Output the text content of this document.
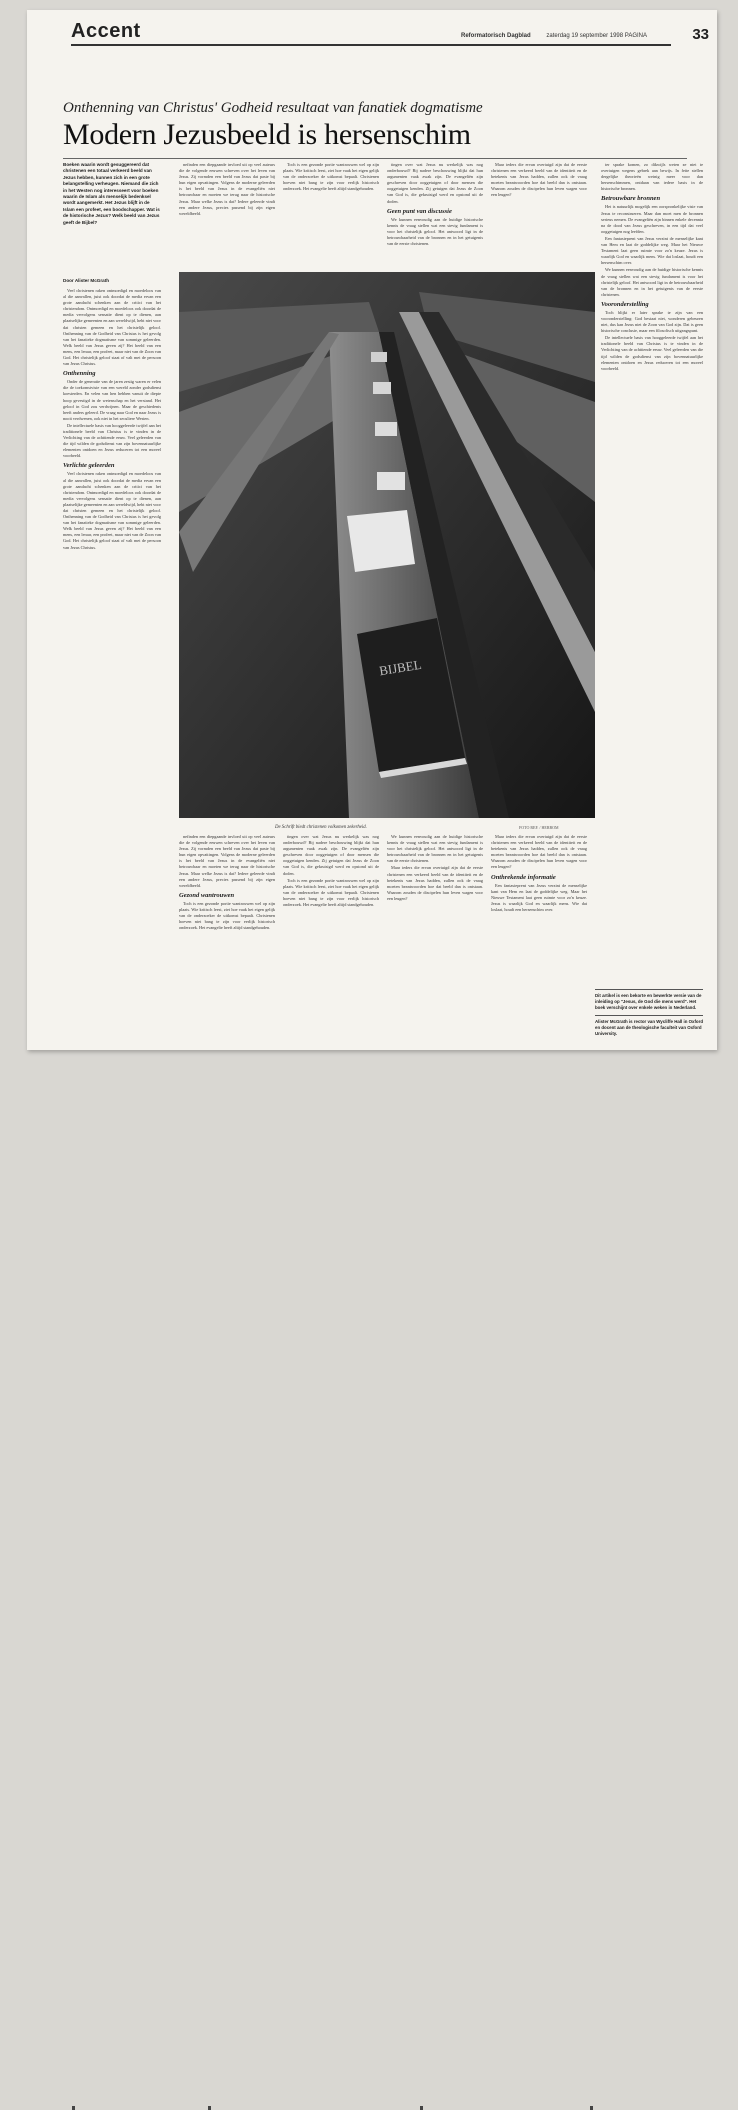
Accent	Reformatorisch Dagblad	zaterdag 19 september 1998 PAGINA	33
Onthenning van Christus' Godheid resultaat van fanatiek dogmatisme
Modern Jezusbeeld is hersenschim
Boeken waarin wordt gesuggereerd dat christenen een totaal verkeerd beeld van Jezus hebben, kunnen zich in een grote belangstelling verheugen. Niemand die zich in het Westen nog interesseert voor boeken waarin de Islam als menselijk bedenksel wordt aangemerkt. Het Jezus blijft in de Islam een profeet, een boodschapper. Wat is de historische Jezus? Welk beeld van Jezus geeft de Bijbel?
Door Alister McGrath

Veel christenen raken ontmoedigd en moedeloos van al die aanvallen, juist ook doordat de media ervan een grote aandacht schenken aan de critici van het christendom. Ontmoedigd en moedeloos ook doordat de media vervolgens sensatie dient op te dienen, aan plaatselijke gemeenten en aan wereldwijd, hebt niet voor dat christen gemeen en het christelijk geloof. Onthenning van de Godheid van Christus is het gevolg van het fanatieke dogmatisme van sommige geleerden. Welk beeld van Jezus geven zij? Het beeld van een mens, een leraar, een profeet, maar niet van de Zoon van God. Het christelijk geloof staat of valt met de persoon van Jezus Christus.

Onthenning

Onder de generatie van de jaren zestig waren er velen die de toekomstvisie van een wereld zonder godsdienst koesterden. En velen van hen hebben vanuit de diepte hoop gevestigd in de wetenschap en het verstand. Het geloof in God zou verdwijnen. Maar de geschiedenis heeft anders geleerd. De vraag naar God en naar Jezus is nooit verdwenen, ook niet in het seculiere Westen.

De intellectuele basis van hooggeleerde twijfel aan het traditionele beeld van Christus is te vinden in de Verlichting van de achttiende eeuw. Veel geleerden van die tijd wilden de godsdienst van zijn bovennatuurlijke elementen ontdoen en Jezus reduceren tot een moreel voorbeeld.

Verlichte geleerden

Veel christenen raken ontmoedigd en moedeloos van al die aanvallen, juist ook doordat de media ervan een grote aandacht schenken aan de critici van het christendom. Ontmoedigd en moedeloos ook doordat de media vervolgens sensatie dient op te dienen, aan plaatselijke gemeenten en aan wereldwijd, hebt niet voor dat christen gemeen en het christelijk geloof. Onthenning van de Godheid van Christus is het gevolg van het fanatieke dogmatisme van sommige geleerden. Welk beeld van Jezus geven zij? Het beeld van een mens, een leraar, een profeet, maar niet van de Zoon van God. Het christelijk geloof staat of valt met de persoon van Jezus Christus.

nefinden een diepgaande invloed uit op veel auteurs die de volgende eeuwen schreven over het leven van Jezus. Zij vormden een beeld van Jezus dat paste bij hun eigen opvattingen. Volgens de moderne geleerden is het beeld van Jezus in de evangeliën niet betrouwbaar en moeten we terug naar de historische Jezus. Maar welke Jezus is dat? Iedere geleerde vindt een andere Jezus, precies passend bij zijn eigen wereldbeeld.

Toch is een gezonde portie wantrouwen wel op zijn plaats. Wie kritisch leest, ziet hoe vaak het eigen gelijk van de onderzoeker de uitkomst bepaalt. Christenen hoeven niet bang te zijn voor eerlijk historisch onderzoek. Het evangelie heeft altijd standgehouden.

tingen over wat Jezus nu werkelijk was nog onderbouwd? Bij nadere beschouwing blijkt dat hun argumenten vaak zwak zijn. De evangeliën zijn geschreven door ooggetuigen of door mensen die ooggetuigen kenden. Zij getuigen dat Jezus de Zoon van God is, die gekruisigd werd en opstond uit de doden.

Geen punt van discussie

We kunnen eenvoudig aan de huidige historische kennis de vraag stellen wat een stevig fundament is voor het christelijk geloof. Het antwoord ligt in de betrouwbaarheid van de bronnen en in het getuigenis van de eerste christenen.

Maar ieders die ervan overtuigd zijn dat de eerste christenen een verkeerd beeld van de identiteit en de betekenis van Jezus hadden, zullen ook de vraag moeten beantwoorden hoe dat beeld dan is ontstaan. Waarom zouden de discipelen hun leven wagen voor een leugen?

ter sprake komen, zo dikwijls weten ze niet te overtuigen wegens gebrek aan bewijs. In feite stellen dergelijke theorieën weinig meer voor dan hersenschimmen, ontdaan van iedere basis in de historische bronnen.

Betrouwbare bronnen

Het is natuurlijk mogelijk een oorspronkelijke visie van Jezus te reconstrueren. Maar dan moet men de bronnen serieus nemen. De evangeliën zijn binnen enkele decennia na de dood van Jezus geschreven, in een tijd dat veel ooggetuigen nog leefden.

Een fantasieprent van Jezus verzint de menselijke kant van Hem en laat de goddelijke weg. Maar het Nieuwe Testament laat geen ruimte voor zo'n keuze. Jezus is waarlijk God en waarlijk mens. Wie dat loslaat, houdt een hersenschim over.

We kunnen eenvoudig aan de huidige historische kennis de vraag stellen wat een stevig fundament is voor het christelijk geloof. Het antwoord ligt in de betrouwbaarheid van de bronnen en in het getuigenis van de eerste christenen.

Vooronderstelling

Toch blijkt er later sprake te zijn van een vooronderstelling: God bestaat niet, wonderen gebeuren niet, dus kan Jezus niet de Zoon van God zijn. Dat is geen historische conclusie, maar een filosofisch uitgangspunt.

De intellectuele basis van hooggeleerde twijfel aan het traditionele beeld van Christus is te vinden in de Verlichting van de achttiende eeuw. Veel geleerden van die tijd wilden de godsdienst van zijn bovennatuurlijke elementen ontdoen en Jezus reduceren tot een moreel voorbeeld.

BIJBEL
De Schrift biedt christenen volkomen zekerheid.	FOTO REF. / HERBOM

nefinden een diepgaande invloed uit op veel auteurs die de volgende eeuwen schreven over het leven van Jezus. Zij vormden een beeld van Jezus dat paste bij hun eigen opvattingen. Volgens de moderne geleerden is het beeld van Jezus in de evangeliën niet betrouwbaar en moeten we terug naar de historische Jezus. Maar welke Jezus is dat? Iedere geleerde vindt een andere Jezus, precies passend bij zijn eigen wereldbeeld.

Gezond wantrouwen

Toch is een gezonde portie wantrouwen wel op zijn plaats. Wie kritisch leest, ziet hoe vaak het eigen gelijk van de onderzoeker de uitkomst bepaalt. Christenen hoeven niet bang te zijn voor eerlijk historisch onderzoek. Het evangelie heeft altijd standgehouden.

tingen over wat Jezus nu werkelijk was nog onderbouwd? Bij nadere beschouwing blijkt dat hun argumenten vaak zwak zijn. De evangeliën zijn geschreven door ooggetuigen of door mensen die ooggetuigen kenden. Zij getuigen dat Jezus de Zoon van God is, die gekruisigd werd en opstond uit de doden.

Toch is een gezonde portie wantrouwen wel op zijn plaats. Wie kritisch leest, ziet hoe vaak het eigen gelijk van de onderzoeker de uitkomst bepaalt. Christenen hoeven niet bang te zijn voor eerlijk historisch onderzoek. Het evangelie heeft altijd standgehouden.

We kunnen eenvoudig aan de huidige historische kennis de vraag stellen wat een stevig fundament is voor het christelijk geloof. Het antwoord ligt in de betrouwbaarheid van de bronnen en in het getuigenis van de eerste christenen.

Maar ieders die ervan overtuigd zijn dat de eerste christenen een verkeerd beeld van de identiteit en de betekenis van Jezus hadden, zullen ook de vraag moeten beantwoorden hoe dat beeld dan is ontstaan. Waarom zouden de discipelen hun leven wagen voor een leugen?

Maar ieders die ervan overtuigd zijn dat de eerste christenen een verkeerd beeld van de identiteit en de betekenis van Jezus hadden, zullen ook de vraag moeten beantwoorden hoe dat beeld dan is ontstaan. Waarom zouden de discipelen hun leven wagen voor een leugen?

Onthrekende informatie

Een fantasieprent van Jezus verzint de menselijke kant van Hem en laat de goddelijke weg. Maar het Nieuwe Testament laat geen ruimte voor zo'n keuze. Jezus is waarlijk God en waarlijk mens. Wie dat loslaat, houdt een hersenschim over.

Dit artikel is een bekorte en bewerkte versie van de inleiding op "Jesus, de God die mens werd". Het boek verschijnt over enkele weken in Nederland.
Alister McGrath is rector van Wycliffe Hall in Oxford en docent aan de theologische faculteit van Oxford University.
